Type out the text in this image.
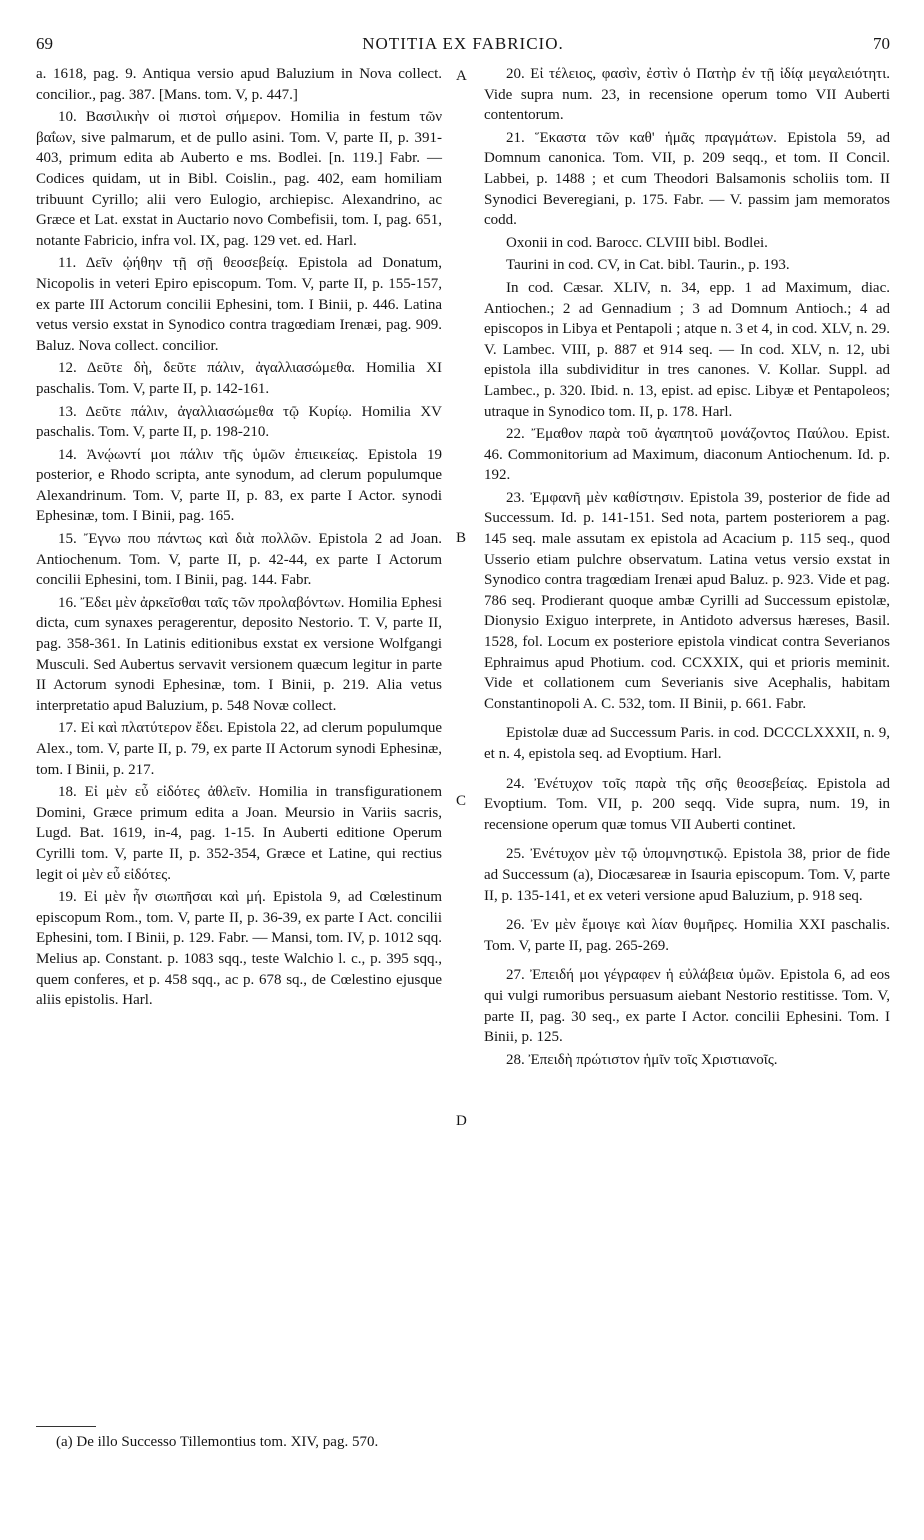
69	NOTITIA EX FABRICIO.	70

a. 1618, pag. 9. Antiqua versio apud Baluzium in Nova collect. concilior., pag. 387. [Mans. tom. V, p. 447.]

10. Βασιλικὴν οἱ πιστοὶ σήμερον. Homilia in festum τῶν βαΐων, sive palmarum, et de pullo asini. Tom. V, parte II, p. 391-403, primum edita ab Auberto e ms. Bodlei. [n. 119.] Fabr. — Codices quidam, ut in Bibl. Coislin., pag. 402, eam homiliam tribuunt Cyrillo; alii vero Eulogio, archiepisc. Alexandrino, ac Græce et Lat. exstat in Auctario novo Combefisii, tom. I, pag. 651, notante Fabricio, infra vol. IX, pag. 129 vet. ed. Harl.

11. Δεῖν ᾠήθην τῇ σῇ θεοσεβείᾳ. Epistola ad Donatum, Nicopolis in veteri Epiro episcopum. Tom. V, parte II, p. 155-157, ex parte III Actorum concilii Ephesini, tom. I Binii, p. 446. Latina vetus versio exstat in Synodico contra tragœdiam Irenæi, pag. 909. Baluz. Nova collect. concilior.

12. Δεῦτε δὴ, δεῦτε πάλιν, ἀγαλλιασώμεθα. Homilia XI paschalis. Tom. V, parte II, p. 142-161.

13. Δεῦτε πάλιν, ἀγαλλιασώμεθα τῷ Κυρίῳ. Homilia XV paschalis. Tom. V, parte II, p. 198-210.

14. Ἀνῴωντί μοι πάλιν τῆς ὑμῶν ἐπιεικείας. Epistola 19 posterior, e Rhodo scripta, ante synodum, ad clerum populumque Alexandrinum. Tom. V, parte II, p. 83, ex parte I Actor. synodi Ephesinæ, tom. I Binii, pag. 165.

15. Ἔγνω που πάντως καὶ διὰ πολλῶν. Epistola 2 ad Joan. Antiochenum. Tom. V, parte II, p. 42-44, ex parte I Actorum concilii Ephesini, tom. I Binii, pag. 144. Fabr.

16. Ἔδει μὲν ἀρκεῖσθαι ταῖς τῶν προλαβόντων. Homilia Ephesi dicta, cum synaxes peragerentur, deposito Nestorio. T. V, parte II, pag. 358-361. In Latinis editionibus exstat ex versione Wolfgangi Musculi. Sed Aubertus servavit versionem quæcum legitur in parte II Actorum synodi Ephesinæ, tom. I Binii, p. 219. Alia vetus interpretatio apud Baluzium, p. 548 Novæ collect.

17. Εἰ καὶ πλατύτερον ἔδει. Epistola 22, ad clerum populumque Alex., tom. V, parte II, p. 79, ex parte II Actorum synodi Ephesinæ, tom. I Binii, p. 217.

18. Εἰ μὲν εὖ εἰδότες ἀθλεῖν. Homilia in transfigurationem Domini, Græce primum edita a Joan. Meursio in Variis sacris, Lugd. Bat. 1619, in-4, pag. 1-15. In Auberti editione Operum Cyrilli tom. V, parte II, p. 352-354, Græce et Latine, qui rectius legit οἱ μὲν εὖ εἰδότες.

19. Εἰ μὲν ἦν σιωπῆσαι καὶ μή. Epistola 9, ad Cœlestinum episcopum Rom., tom. V, parte II, p. 36-39, ex parte I Act. concilii Ephesini, tom. I Binii, p. 129. Fabr. — Mansi, tom. IV, p. 1012 sqq. Melius ap. Constant. p. 1083 sqq., teste Walchio l. c., p. 395 sqq., quem conferes, et p. 458 sqq., ac p. 678 sq., de Cœlestino ejusque aliis epistolis. Harl.

20. Εἰ τέλειος, φασὶν, ἐστὶν ὁ Πατὴρ ἐν τῇ ἰδίᾳ μεγαλειότητι. Vide supra num. 23, in recensione operum tomo VII Auberti contentorum.

21. Ἕκαστα τῶν καθ' ἡμᾶς πραγμάτων. Epistola 59, ad Domnum canonica. Tom. VII, p. 209 seqq., et tom. II Concil. Labbei, p. 1488 ; et cum Theodori Balsamonis scholiis tom. II Synodici Beveregiani, p. 175. Fabr. — V. passim jam memoratos codd.

Oxonii in cod. Barocc. CLVIII bibl. Bodlei.

Taurini in cod. CV, in Cat. bibl. Taurin., p. 193.

In cod. Cæsar. XLIV, n. 34, epp. 1 ad Maximum, diac. Antiochen.; 2 ad Gennadium ; 3 ad Domnum Antioch.; 4 ad episcopos in Libya et Pentapoli ; atque n. 3 et 4, in cod. XLV, n. 29. V. Lambec. VIII, p. 887 et 914 seq. — In cod. XLV, n. 12, ubi epistola illa subdividitur in tres canones. V. Kollar. Suppl. ad Lambec., p. 320. Ibid. n. 13, epist. ad episc. Libyæ et Pentapoleos; utraque in Synodico tom. II, p. 178. Harl.

22. Ἔμαθον παρὰ τοῦ ἀγαπητοῦ μονάζοντος Παύλου. Epist. 46. Commonitorium ad Maximum, diaconum Antiochenum. Id. p. 192.

23. Ἐμφανῆ μὲν καθίστησιν. Epistola 39, posterior de fide ad Successum. Id. p. 141-151. Sed nota, partem posteriorem a pag. 145 seq. male assutam ex epistola ad Acacium p. 115 seq., quod Usserio etiam pulchre observatum. Latina vetus versio exstat in Synodico contra tragœdiam Irenæi apud Baluz. p. 923. Vide et pag. 786 seq. Prodierant quoque ambæ Cyrilli ad Successum epistolæ, Dionysio Exiguo interprete, in Antidoto adversus hæreses, Basil. 1528, fol. Locum ex posteriore epistola vindicat contra Severianos Ephraimus apud Photium. cod. CCXXIX, qui et prioris meminit. Vide et collationem cum Severianis sive Acephalis, habitam Constantinopoli A. C. 532, tom. II Binii, p. 661. Fabr.

Epistolæ duæ ad Successum Paris. in cod. DCCCLXXXII, n. 9, et n. 4, epistola seq. ad Evoptium. Harl.

24. Ἐνέτυχον τοῖς παρὰ τῆς σῆς θεοσεβείας. Epistola ad Evoptium. Tom. VII, p. 200 seqq. Vide supra, num. 19, in recensione operum quæ tomus VII Auberti continet.

25. Ἐνέτυχον μὲν τῷ ὑπομνηστικῷ. Epistola 38, prior de fide ad Successum (a), Diocæsareæ in Isauria episcopum. Tom. V, parte II, p. 135-141, et ex veteri versione apud Baluzium, p. 918 seq.

26. Ἐν μὲν ἔμοιγε καὶ λίαν θυμῆρες. Homilia XXI paschalis. Tom. V, parte II, pag. 265-269.

27. Ἐπειδή μοι γέγραφεν ἡ εὐλάβεια ὑμῶν. Epistola 6, ad eos qui vulgi rumoribus persuasum aiebant Nestorio restitisse. Tom. V, parte II, pag. 30 seq., ex parte I Actor. concilii Ephesini. Tom. I Binii, p. 125.

28. Ἐπειδὴ πρώτιστον ἡμῖν τοῖς Χριστιανοῖς.

A
B
C
D
(a) De illo Successo Tillemontius tom. XIV, pag. 570.
